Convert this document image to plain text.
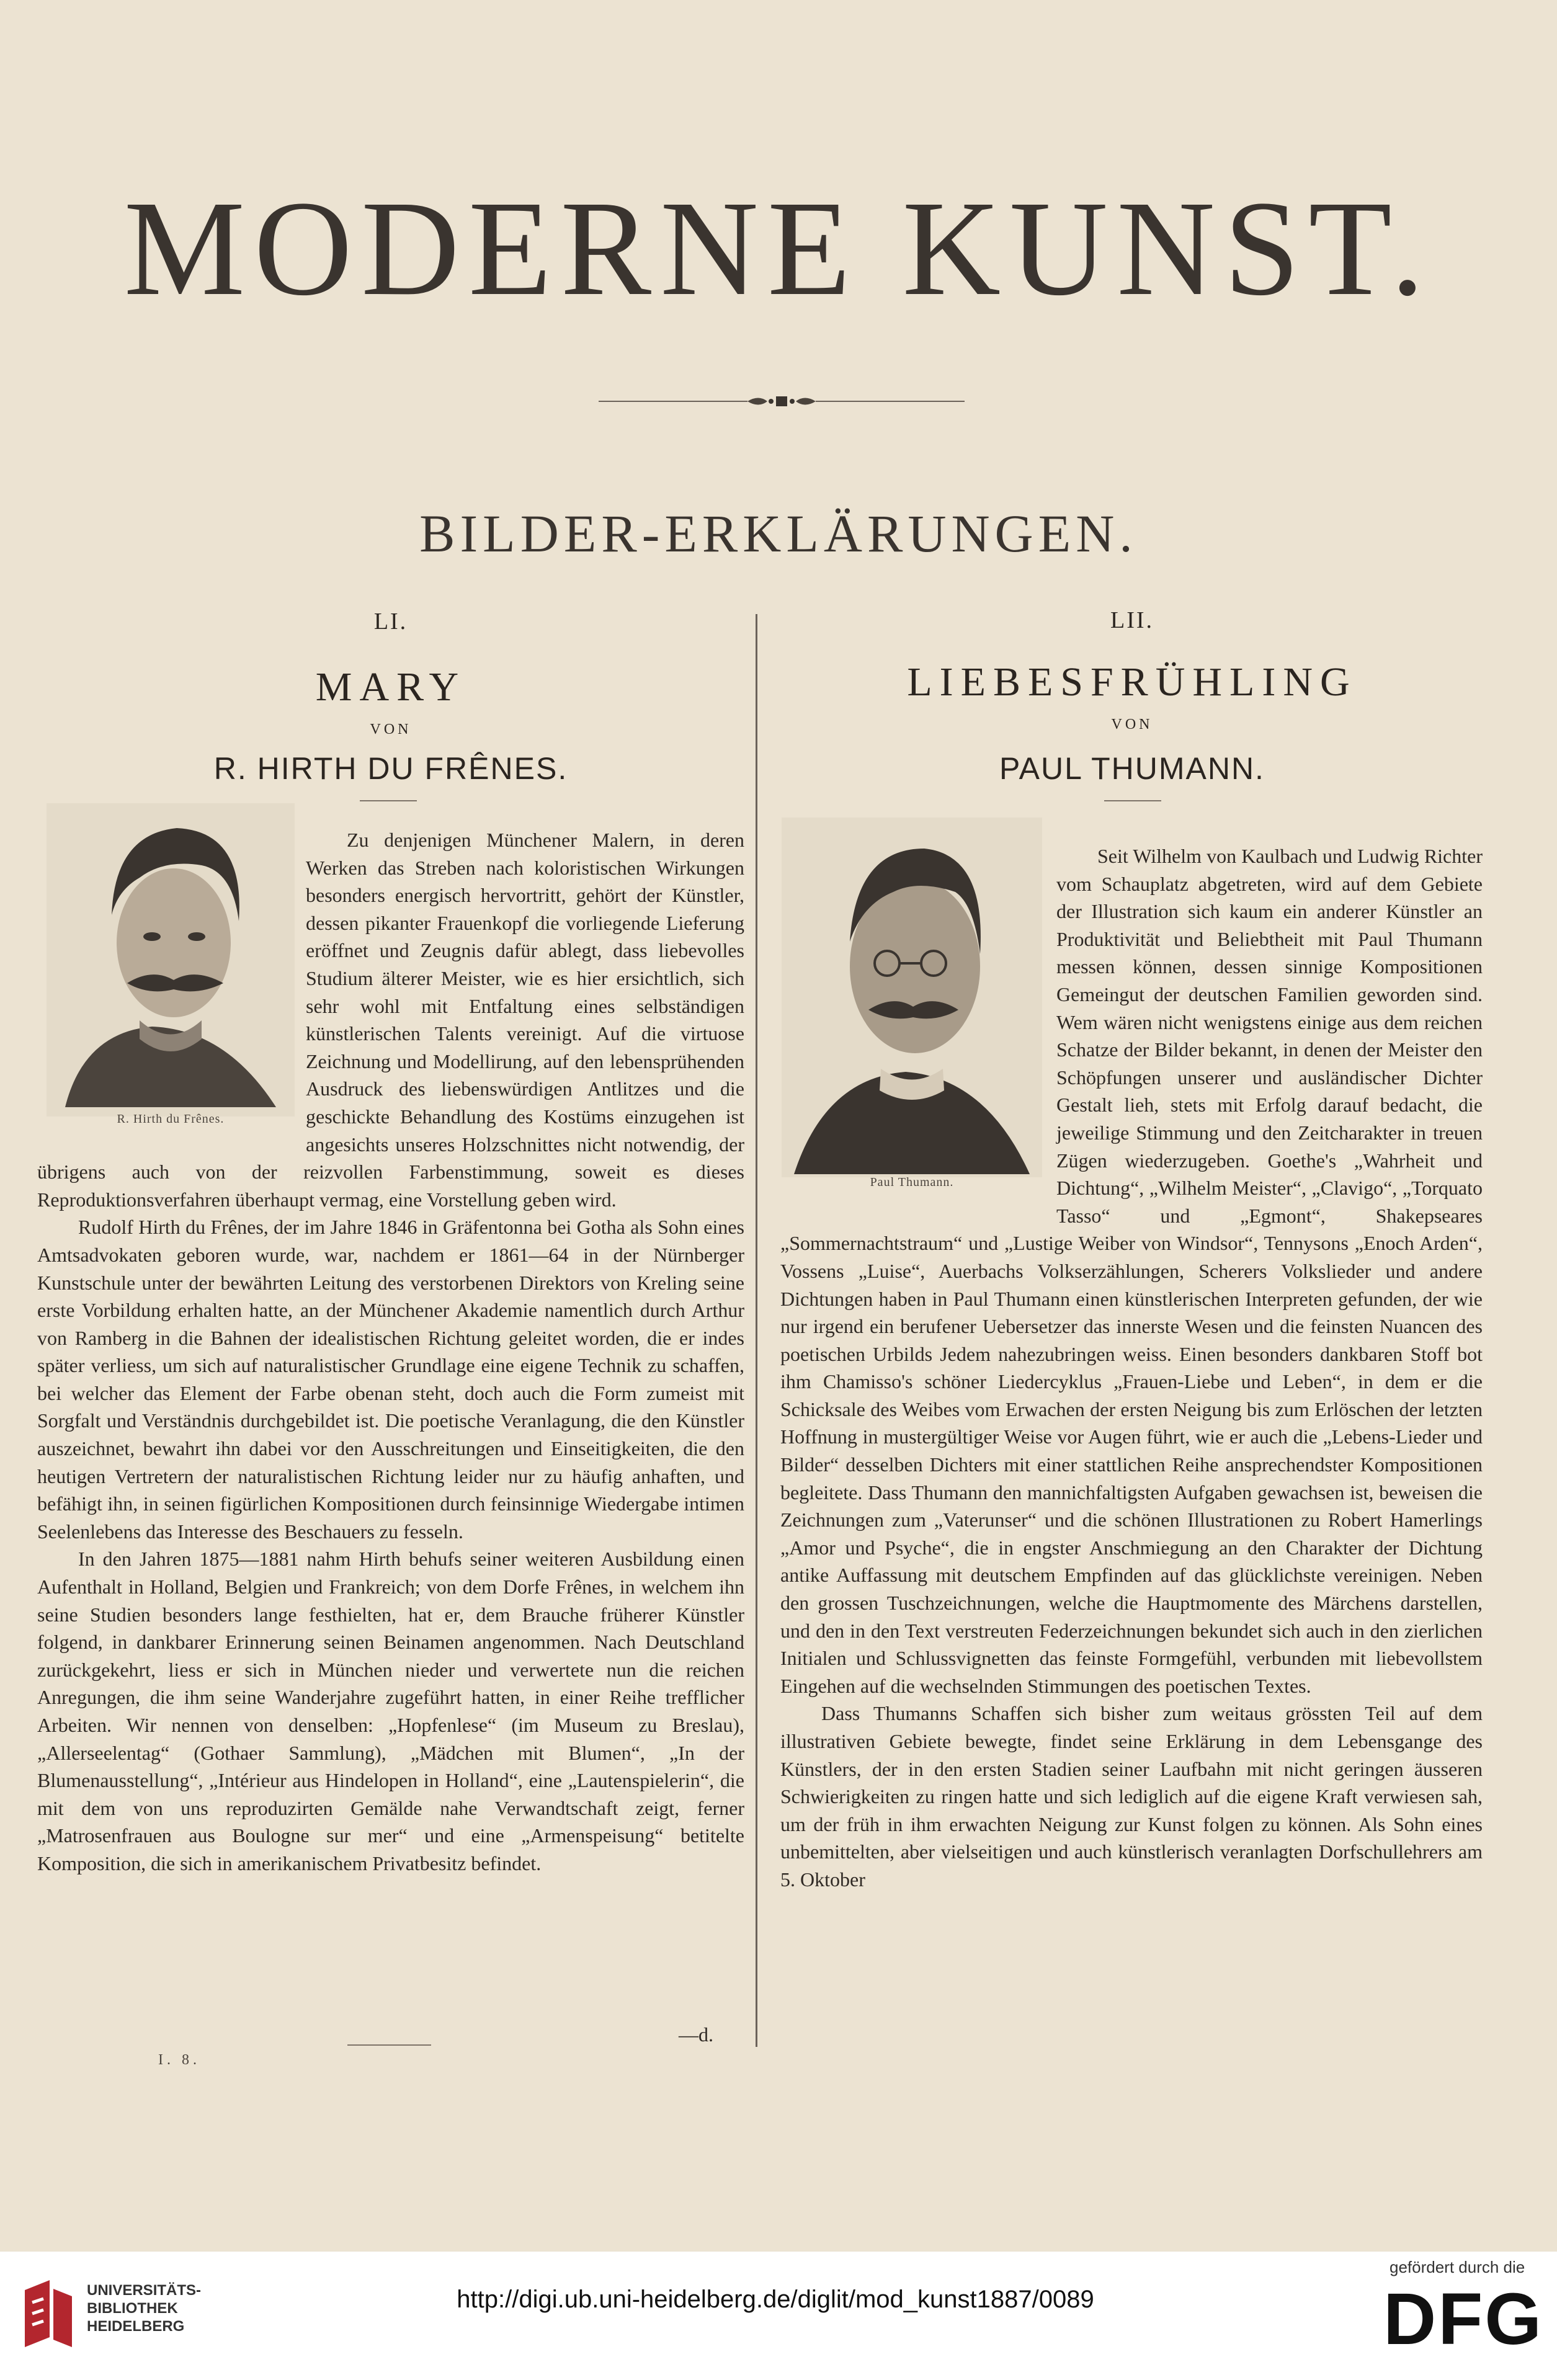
MODERNE KUNST.
BILDER-ERKLÄRUNGEN.
LI.
MARY
VON
R. HIRTH DU FRÊNES.
R. Hirth du Frênes.

Zu denjenigen Münchener Malern, in deren Werken das Streben nach koloristischen Wirkungen besonders energisch hervortritt, gehört der Künstler, dessen pikanter Frauenkopf die vorliegende Lieferung eröffnet und Zeugnis dafür ablegt, dass liebevolles Studium älterer Meister, wie es hier ersichtlich, sich sehr wohl mit Entfaltung eines selbständigen künstlerischen Talents vereinigt. Auf die virtuose Zeichnung und Modellirung, auf den lebensprühenden Ausdruck des liebenswürdigen Antlitzes und die geschickte Behandlung des Kostüms einzugehen ist angesichts unseres Holzschnittes nicht notwendig, der übrigens auch von der reizvollen Farbenstimmung, soweit es dieses Reproduktionsverfahren überhaupt vermag, eine Vorstellung geben wird.

Rudolf Hirth du Frênes, der im Jahre 1846 in Gräfentonna bei Gotha als Sohn eines Amtsadvokaten geboren wurde, war, nachdem er 1861—64 in der Nürnberger Kunstschule unter der bewährten Leitung des verstorbenen Direktors von Kreling seine erste Vorbildung erhalten hatte, an der Münchener Akademie namentlich durch Arthur von Ramberg in die Bahnen der idealistischen Richtung geleitet worden, die er indes später verliess, um sich auf naturalistischer Grundlage eine eigene Technik zu schaffen, bei welcher das Element der Farbe obenan steht, doch auch die Form zumeist mit Sorgfalt und Verständnis durchgebildet ist. Die poetische Veranlagung, die den Künstler auszeichnet, bewahrt ihn dabei vor den Ausschreitungen und Einseitigkeiten, die den heutigen Vertretern der naturalistischen Richtung leider nur zu häufig anhaften, und befähigt ihn, in seinen figürlichen Kompositionen durch feinsinnige Wiedergabe intimen Seelenlebens das Interesse des Beschauers zu fesseln.

In den Jahren 1875—1881 nahm Hirth behufs seiner weiteren Ausbildung einen Aufenthalt in Holland, Belgien und Frankreich; von dem Dorfe Frênes, in welchem ihn seine Studien besonders lange festhielten, hat er, dem Brauche früherer Künstler folgend, in dankbarer Erinnerung seinen Beinamen angenommen. Nach Deutschland zurückgekehrt, liess er sich in München nieder und verwertete nun die reichen Anregungen, die ihm seine Wanderjahre zugeführt hatten, in einer Reihe trefflicher Arbeiten. Wir nennen von denselben: „Hopfenlese“ (im Museum zu Breslau), „Allerseelentag“ (Gothaer Sammlung), „Mädchen mit Blumen“, „In der Blumenausstellung“, „Intérieur aus Hindelopen in Holland“, eine „Lautenspielerin“, die mit dem von uns reproduzirten Gemälde nahe Verwandtschaft zeigt, ferner „Matrosenfrauen aus Boulogne sur mer“ und eine „Armenspeisung“ betitelte Komposition, die sich in amerikanischem Privatbesitz befindet.

—d.
I. 8.
LII.
LIEBESFRÜHLING
VON
PAUL THUMANN.
Paul Thumann.

Seit Wilhelm von Kaulbach und Ludwig Richter vom Schauplatz abgetreten, wird auf dem Gebiete der Illustration sich kaum ein anderer Künstler an Produktivität und Beliebtheit mit Paul Thumann messen können, dessen sinnige Kompositionen Gemeingut der deutschen Familien geworden sind. Wem wären nicht wenigstens einige aus dem reichen Schatze der Bilder bekannt, in denen der Meister den Schöpfungen unserer und ausländischer Dichter Gestalt lieh, stets mit Erfolg darauf bedacht, die jeweilige Stimmung und den Zeitcharakter in treuen Zügen wiederzugeben. Goethe's „Wahrheit und Dichtung“, „Wilhelm Meister“, „Clavigo“, „Torquato Tasso“ und „Egmont“, Shakepseares „Sommernachtstraum“ und „Lustige Weiber von Windsor“, Tennysons „Enoch Arden“, Vossens „Luise“, Auerbachs Volkserzählungen, Scherers Volkslieder und andere Dichtungen haben in Paul Thumann einen künstlerischen Interpreten gefunden, der wie nur irgend ein berufener Uebersetzer das innerste Wesen und die feinsten Nuancen des poetischen Urbilds Jedem nahezubringen weiss. Einen besonders dankbaren Stoff bot ihm Chamisso's schöner Liedercyklus „Frauen-Liebe und Leben“, in dem er die Schicksale des Weibes vom Erwachen der ersten Neigung bis zum Erlöschen der letzten Hoffnung in mustergültiger Weise vor Augen führt, wie er auch die „Lebens-Lieder und Bilder“ desselben Dichters mit einer stattlichen Reihe ansprechendster Kompositionen begleitete. Dass Thumann den mannichfaltigsten Aufgaben gewachsen ist, beweisen die Zeichnungen zum „Vaterunser“ und die schönen Illustrationen zu Robert Hamerlings „Amor und Psyche“, die in engster Anschmiegung an den Charakter der Dichtung antike Auffassung mit deutschem Empfinden auf das glücklichste vereinigen. Neben den grossen Tuschzeichnungen, welche die Hauptmomente des Märchens darstellen, und den in den Text verstreuten Federzeichnungen bekundet sich auch in den zierlichen Initialen und Schlussvignetten das feinste Formgefühl, verbunden mit liebevollstem Eingehen auf die wechselnden Stimmungen des poetischen Textes.

Dass Thumanns Schaffen sich bisher zum weitaus grössten Teil auf dem illustrativen Gebiete bewegte, findet seine Erklärung in dem Lebensgange des Künstlers, der in den ersten Stadien seiner Laufbahn mit nicht geringen äusseren Schwierigkeiten zu ringen hatte und sich lediglich auf die eigene Kraft verwiesen sah, um der früh in ihm erwachten Neigung zur Kunst folgen zu können. Als Sohn eines unbemittelten, aber vielseitigen und auch künstlerisch veranlagten Dorfschullehrers am 5. Oktober

UNIVERSITÄTS-
BIBLIOTHEK
HEIDELBERG
http://digi.ub.uni-heidelberg.de/diglit/mod_kunst1887/0089
gefördert durch die
DFG
